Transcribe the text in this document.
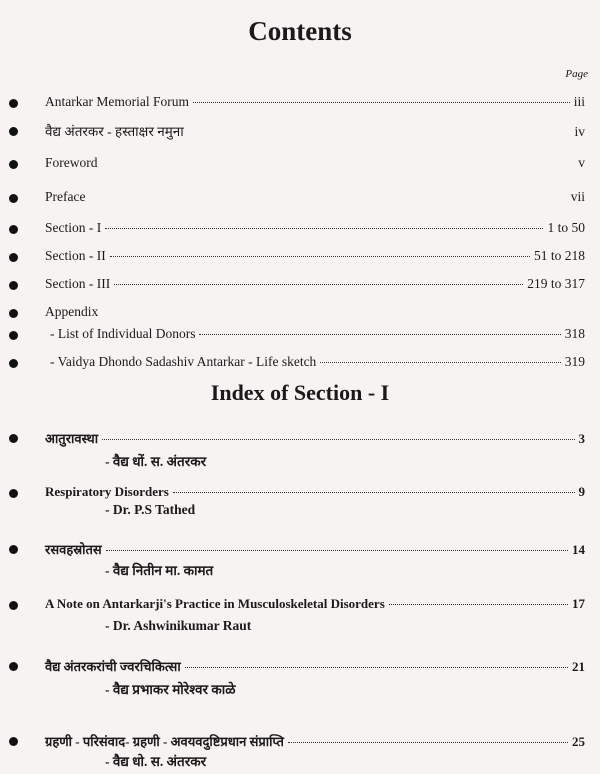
Contents
Page
Antarkar Memorial Forum	iii
वैद्य अंतरकर - हस्ताक्षर नमुना	iv
Foreword	v
Preface	vii
Section - I	1 to 50
Section - II	51 to 218
Section - III	219 to 317
Appendix
- List of Individual Donors	318
- Vaidya Dhondo Sadashiv Antarkar - Life sketch	319
Index of Section - I
आतुरावस्था	3
- वैद्य धों. स. अंतरकर
Respiratory Disorders	9
- Dr. P.S Tathed
रसवहस्रोतस	14
- वैद्य नितीन मा. कामत
A Note on Antarkarji's Practice in Musculoskeletal Disorders	17
- Dr. Ashwinikumar Raut
वैद्य अंतरकरांची ज्वरचिकित्सा	21
- वैद्य प्रभाकर मोरेश्वर काळे
ग्रहणी - परिसंवाद- ग्रहणी - अवयवदुष्टिप्रधान संप्राप्ति	25
- वैद्य धो. स. अंतरकर
